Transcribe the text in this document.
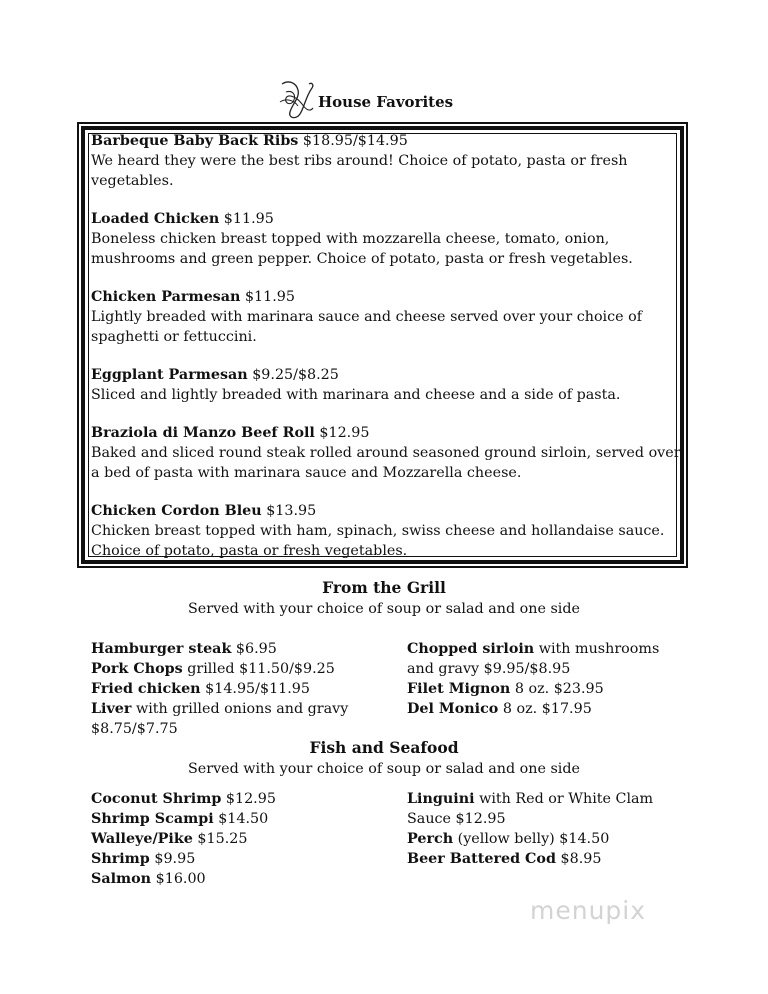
House Favorites
Barbeque Baby Back Ribs $18.95/$14.95
We heard they were the best ribs around! Choice of potato, pasta or fresh vegetables.
Loaded Chicken $11.95
Boneless chicken breast topped with mozzarella cheese, tomato, onion, mushrooms and green pepper. Choice of potato, pasta or fresh vegetables.
Chicken Parmesan $11.95
Lightly breaded with marinara sauce and cheese served over your choice of spaghetti or fettuccini.
Eggplant Parmesan $9.25/$8.25
Sliced and lightly breaded with marinara and cheese and a side of pasta.
Braziola di Manzo Beef Roll $12.95
Baked and sliced round steak rolled around seasoned ground sirloin, served over a bed of pasta with marinara sauce and Mozzarella cheese.
Chicken Cordon Bleu $13.95
Chicken breast topped with ham, spinach, swiss cheese and hollandaise sauce. Choice of potato, pasta or fresh vegetables.
From the Grill
Served with your choice of soup or salad and one side
Hamburger steak $6.95
Pork Chops grilled $11.50/$9.25
Fried chicken $14.95/$11.95
Liver with grilled onions and gravy
$8.75/$7.75
Chopped sirloin with mushrooms
and gravy $9.95/$8.95
Filet Mignon 8 oz. $23.95
Del Monico 8 oz. $17.95
Fish and Seafood
Served with your choice of soup or salad and one side
Coconut Shrimp $12.95
Shrimp Scampi $14.50
Walleye/Pike $15.25
Shrimp $9.95
Salmon $16.00
Linguini with Red or White Clam
Sauce $12.95
Perch (yellow belly) $14.50
Beer Battered Cod $8.95
menupix
